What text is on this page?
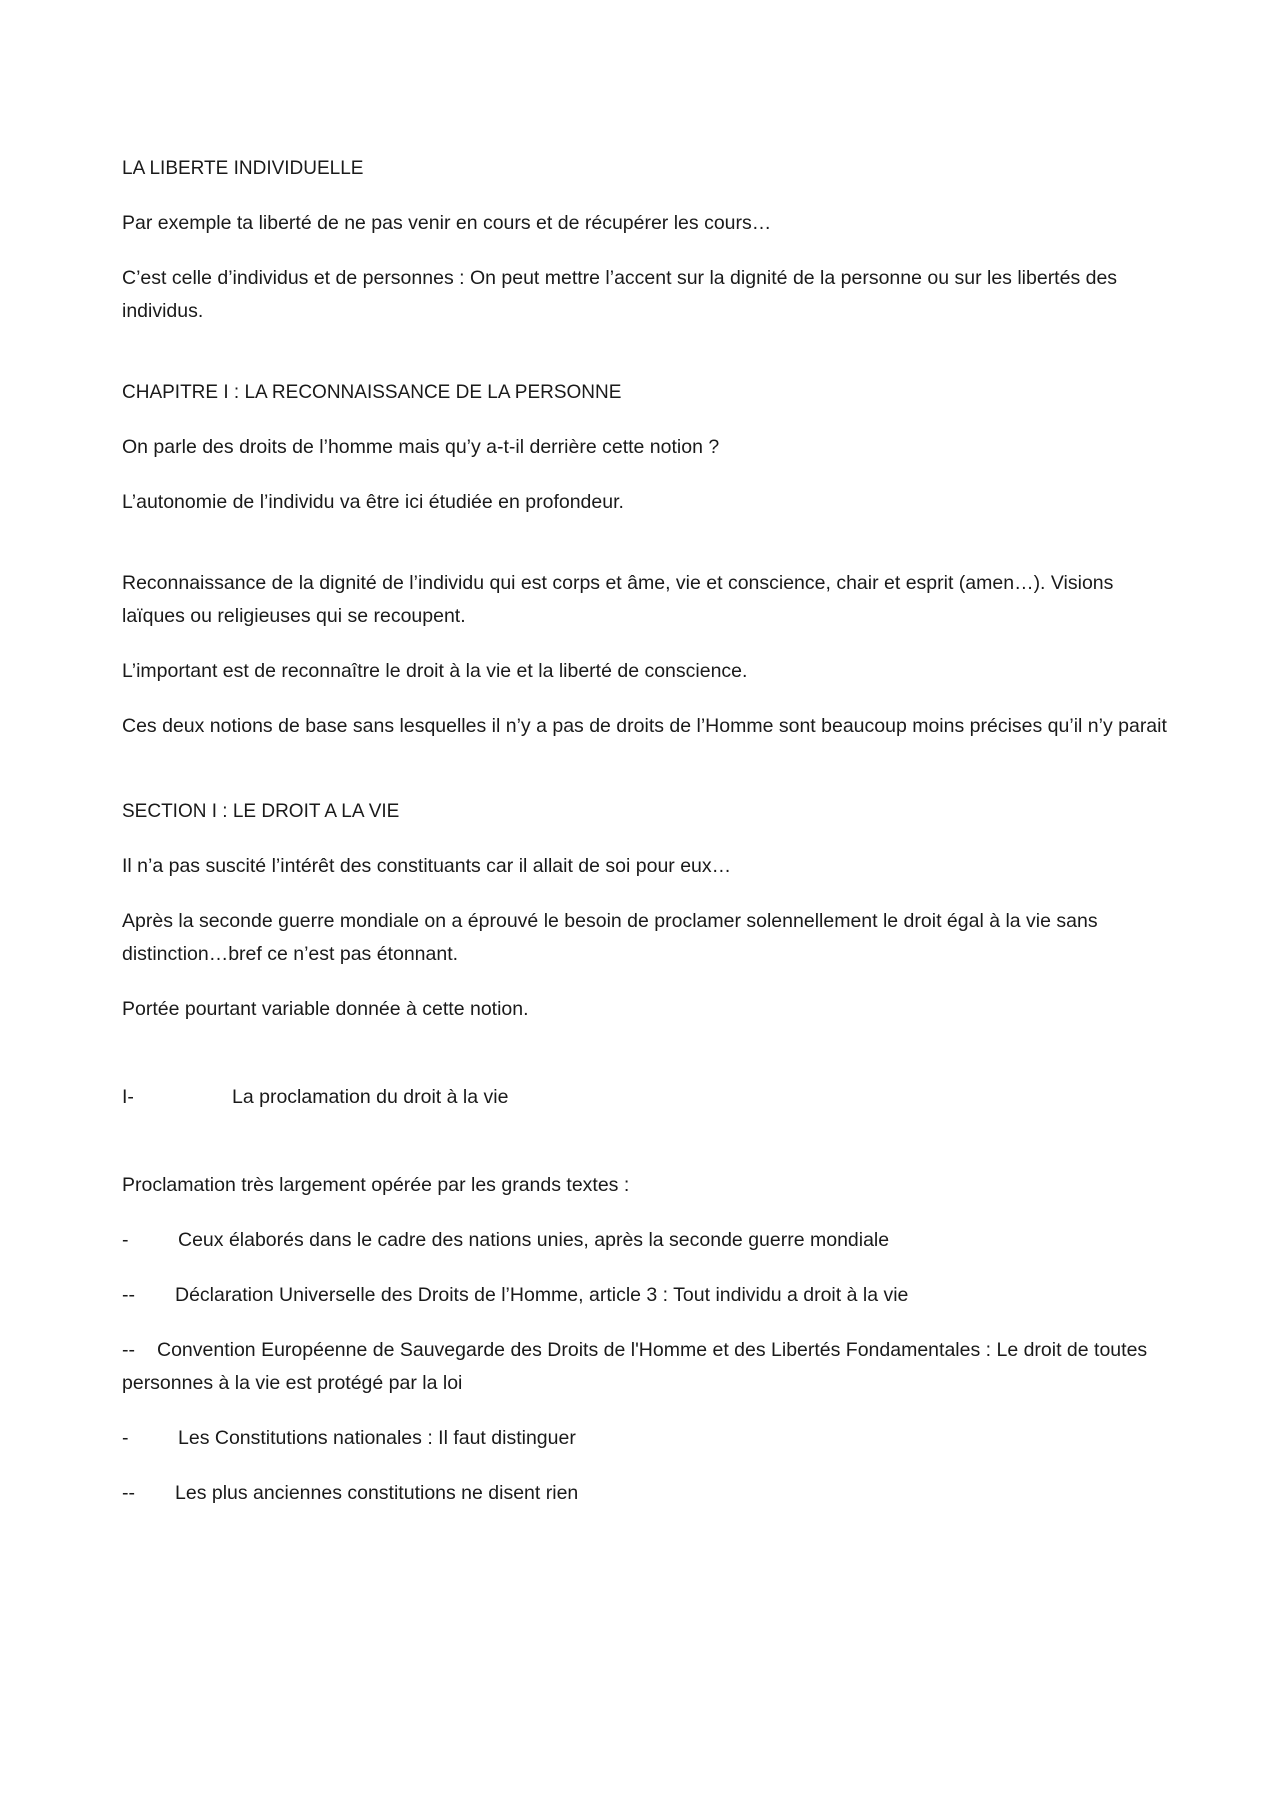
LA LIBERTE INDIVIDUELLE

Par exemple ta liberté de ne pas venir en cours et de récupérer les cours…

C’est celle d’individus et de personnes : On peut mettre l’accent sur la dignité de la personne ou sur les libertés des individus.

CHAPITRE I : LA RECONNAISSANCE DE LA PERSONNE

On parle des droits de l’homme mais qu’y a-t-il derrière cette notion ?

L’autonomie de l’individu va être ici étudiée en profondeur.

Reconnaissance de la dignité de l’individu qui est corps et âme, vie et conscience, chair et esprit (amen…). Visions laïques ou religieuses qui se recoupent.

L’important est de reconnaître le droit à la vie et la liberté de conscience.

Ces deux notions de base sans lesquelles il n’y a pas de droits de l’Homme sont beaucoup moins précises qu’il n’y parait

SECTION I : LE DROIT A LA VIE

Il n’a pas suscité l’intérêt des constituants car il allait de soi pour eux…

Après la seconde guerre mondiale on a éprouvé le besoin de proclamer solennellement le droit égal à la vie sans distinction…bref ce n’est pas étonnant.

Portée pourtant variable donnée à cette notion.

I-	La proclamation du droit à la vie

Proclamation très largement opérée par les grands textes :

-	Ceux élaborés dans le cadre des nations unies, après la seconde guerre mondiale
--	Déclaration Universelle des Droits de l’Homme, article 3 : Tout individu a droit à la vie
-- Convention Européenne de Sauvegarde des Droits de l'Homme et des Libertés Fondamentales : Le droit de toutes personnes à la vie est protégé par la loi
-	Les Constitutions nationales : Il faut distinguer
--	Les plus anciennes constitutions ne disent rien
